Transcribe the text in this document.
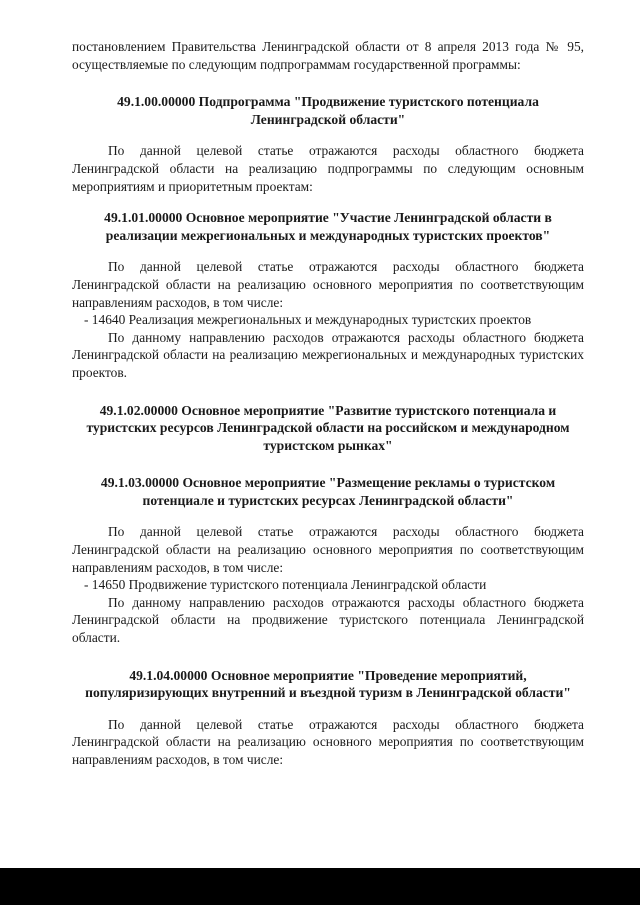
постановлением Правительства Ленинградской области от 8 апреля 2013 года № 95, осуществляемые по следующим подпрограммам государственной программы:

49.1.00.00000 Подпрограмма "Продвижение туристского потенциала Ленинградской области"

По данной целевой статье отражаются расходы областного бюджета Ленинградской области на реализацию подпрограммы по следующим основным мероприятиям и приоритетным проектам:

49.1.01.00000 Основное мероприятие "Участие Ленинградской области в реализации межрегиональных и международных туристских проектов"

По данной целевой статье отражаются расходы областного бюджета Ленинградской области на реализацию основного мероприятия по соответствующим направлениям расходов, в том числе:

- 14640 Реализация межрегиональных и международных туристских проектов

По данному направлению расходов отражаются расходы областного бюджета Ленинградской области на реализацию межрегиональных и международных туристских проектов.

49.1.02.00000 Основное мероприятие "Развитие туристского потенциала и туристских ресурсов Ленинградской области на российском и международном туристском рынках"
49.1.03.00000 Основное мероприятие "Размещение рекламы о туристском потенциале и туристских ресурсах Ленинградской области"

По данной целевой статье отражаются расходы областного бюджета Ленинградской области на реализацию основного мероприятия по соответствующим направлениям расходов, в том числе:

- 14650 Продвижение туристского потенциала Ленинградской области

По данному направлению расходов отражаются расходы областного бюджета Ленинградской области на продвижение туристского потенциала Ленинградской области.

49.1.04.00000 Основное мероприятие "Проведение мероприятий, популяризирующих внутренний и въездной туризм в Ленинградской области"

По данной целевой статье отражаются расходы областного бюджета Ленинградской области на реализацию основного мероприятия по соответствующим направлениям расходов, в том числе:
